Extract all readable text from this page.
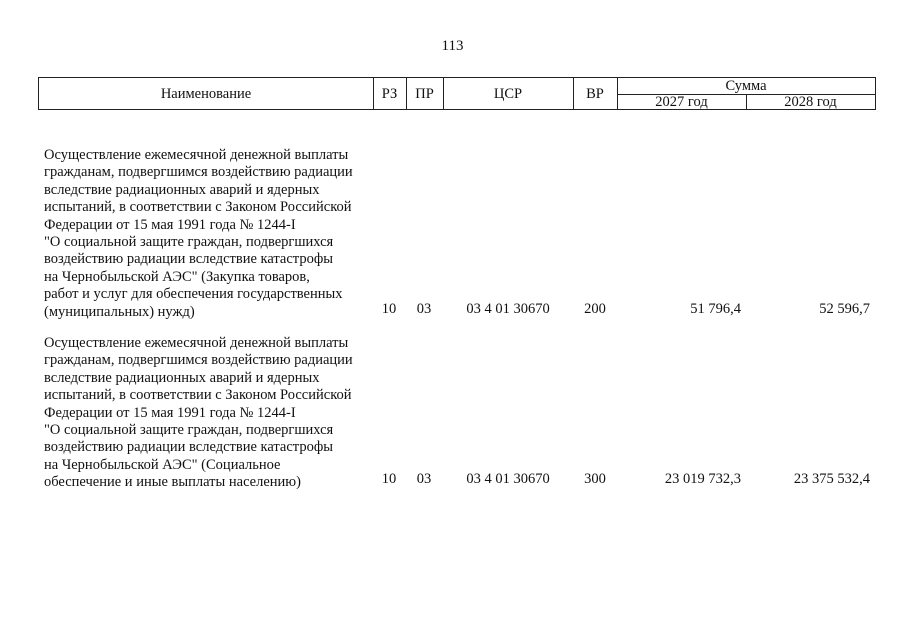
113
Наименование	РЗ	ПР	ЦСР	ВР	Сумма
2027 год	2028 год
Осуществление ежемесячной денежной выплаты
гражданам, подвергшимся воздействию радиации
вследствие радиационных аварий и ядерных
испытаний, в соответствии с Законом Российской
Федерации от 15 мая 1991 года № 1244-I
"О социальной защите граждан, подвергшихся
воздействию радиации вследствие катастрофы
на Чернобыльской АЭС" (Закупка товаров,
работ и услуг для обеспечения государственных
(муниципальных) нужд)	10	03	03 4 01 30670	200	51 796,4	52 596,7
Осуществление ежемесячной денежной выплаты
гражданам, подвергшимся воздействию радиации
вследствие радиационных аварий и ядерных
испытаний, в соответствии с Законом Российской
Федерации от 15 мая 1991 года № 1244-I
"О социальной защите граждан, подвергшихся
воздействию радиации вследствие катастрофы
на Чернобыльской АЭС" (Социальное
обеспечение и иные выплаты населению)	10	03	03 4 01 30670	300	23 019 732,3	23 375 532,4
